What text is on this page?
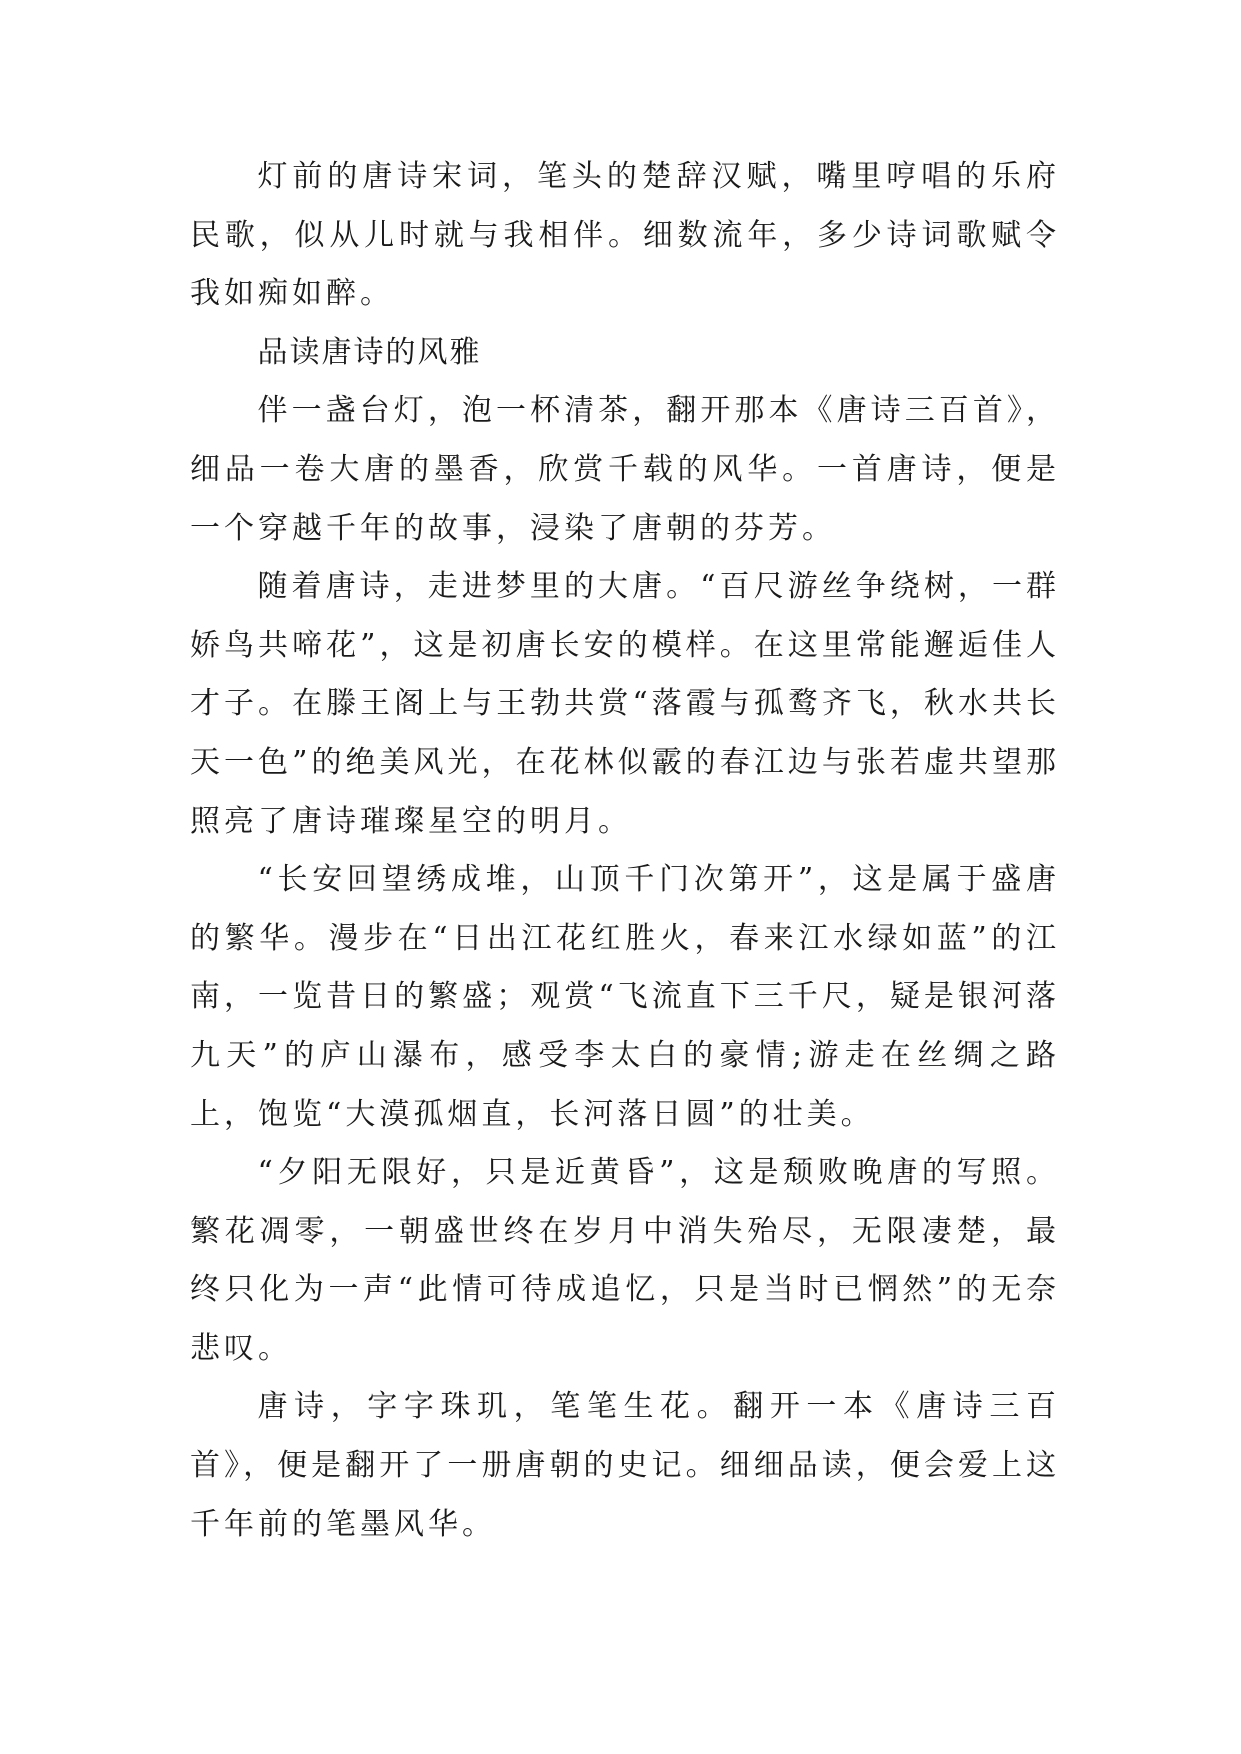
灯前的唐诗宋词，笔头的楚辞汉赋，嘴里哼唱的乐府民歌，似从儿时就与我相伴。细数流年，多少诗词歌赋令我如痴如醉。

品读唐诗的风雅

伴一盏台灯，泡一杯清茶，翻开那本《唐诗三百首》，细品一卷大唐的墨香，欣赏千载的风华。一首唐诗，便是一个穿越千年的故事，浸染了唐朝的芬芳。

随着唐诗，走进梦里的大唐。“百尺游丝争绕树，一群娇鸟共啼花”，这是初唐长安的模样。在这里常能邂逅佳人才子。在滕王阁上与王勃共赏“落霞与孤鹜齐飞，秋水共长天一色”的绝美风光，在花林似霰的春江边与张若虚共望那照亮了唐诗璀璨星空的明月。

“长安回望绣成堆，山顶千门次第开”，这是属于盛唐的繁华。漫步在“日出江花红胜火，春来江水绿如蓝”的江南，一览昔日的繁盛；观赏“飞流直下三千尺，疑是银河落九天”的庐山瀑布，感受李太白的豪情;游走在丝绸之路上，饱览“大漠孤烟直，长河落日圆”的壮美。

“夕阳无限好，只是近黄昏”，这是颓败晚唐的写照。繁花凋零，一朝盛世终在岁月中消失殆尽，无限凄楚，最终只化为一声“此情可待成追忆，只是当时已惘然”的无奈悲叹。

唐诗，字字珠玑，笔笔生花。翻开一本《唐诗三百首》，便是翻开了一册唐朝的史记。细细品读，便会爱上这千年前的笔墨风华。
